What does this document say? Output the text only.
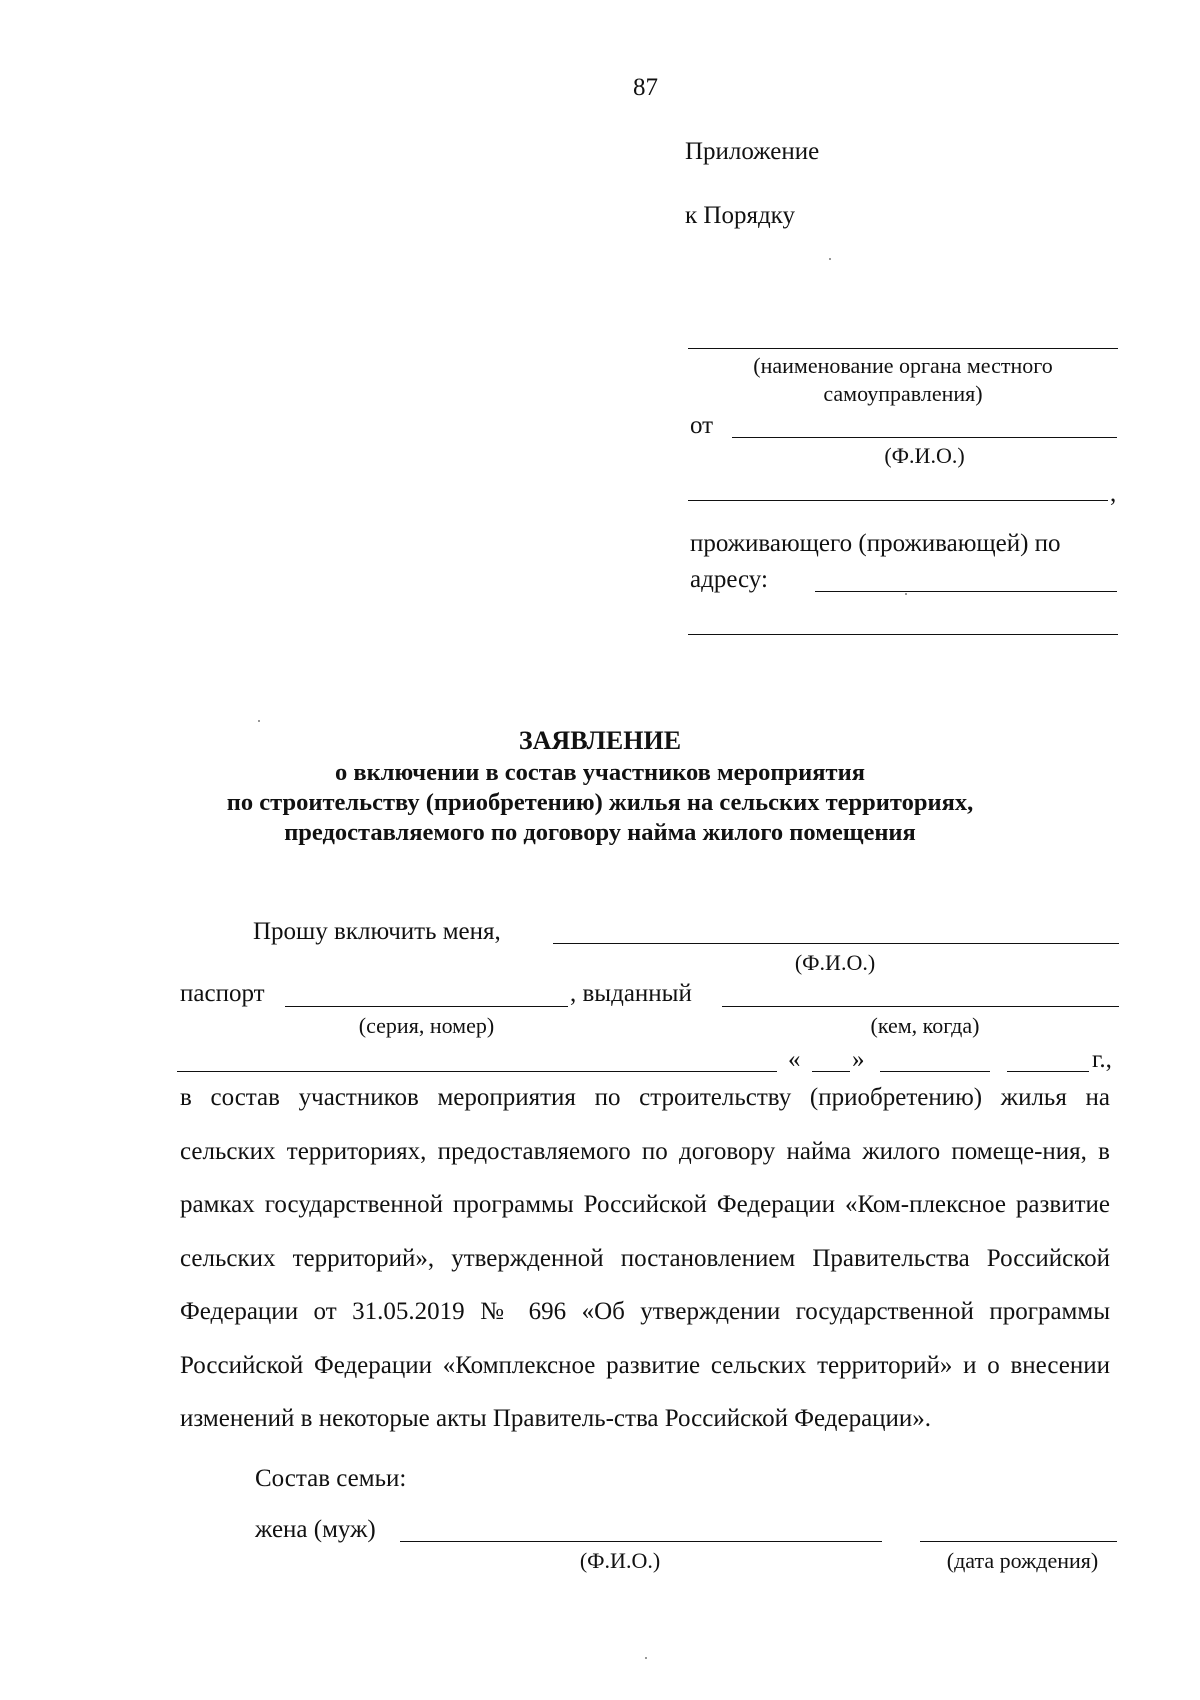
87
Приложение
к Порядку
(наименование органа местного
самоуправления)
от
(Ф.И.О.)
,
проживающего (проживающей) по
адресу:
ЗАЯВЛЕНИЕ
о включении в состав участников мероприятия
по строительству (приобретению) жилья на сельских территориях,
предоставляемого по договору найма жилого помещения
Прошу включить меня,
(Ф.И.О.)
паспорт	, выданный
(серия, номер)	(кем, когда)
« »	г.,
в состав участников мероприятия по строительству (приобретению) жилья на сельских территориях, предоставляемого по договору найма жилого помеще-ния, в рамках государственной программы Российской Федерации «Ком-плексное развитие сельских территорий», утвержденной постановлением Правительства Российской Федерации от 31.05.2019 № 696 «Об утверждении государственной программы Российской Федерации «Комплексное развитие сельских территорий» и о внесении изменений в некоторые акты Правитель-ства Российской Федерации».
Состав семьи:
жена (муж)
(Ф.И.О.)	(дата рождения)
